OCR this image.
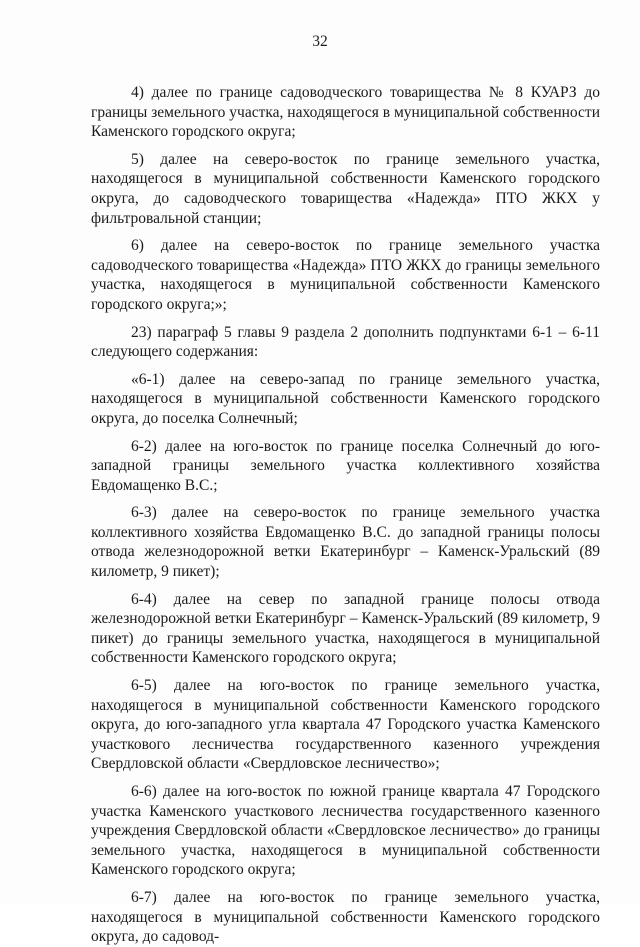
32

4) далее по границе садоводческого товарищества № 8 КУАРЗ до границы земельного участка, находящегося в муниципальной собственности Каменского городского округа;

5) далее на северо-восток по границе земельного участка, находящегося в муниципальной собственности Каменского городского округа, до садоводческого товарищества «Надежда» ПТО ЖКХ у фильтровальной станции;

6) далее на северо-восток по границе земельного участка садоводческого товарищества «Надежда» ПТО ЖКХ до границы земельного участка, находящегося в муниципальной собственности Каменского городского округа;»;

23) параграф 5 главы 9 раздела 2 дополнить подпунктами 6-1 – 6-11 следующего содержания:

«6-1) далее на северо-запад по границе земельного участка, находящегося в муниципальной собственности Каменского городского округа, до поселка Солнечный;

6-2) далее на юго-восток по границе поселка Солнечный до юго-западной границы земельного участка коллективного хозяйства Евдомащенко В.С.;

6-3) далее на северо-восток по границе земельного участка коллективного хозяйства Евдомащенко В.С. до западной границы полосы отвода железнодорожной ветки Екатеринбург – Каменск-Уральский (89 километр, 9 пикет);

6-4) далее на север по западной границе полосы отвода железнодорожной ветки Екатеринбург – Каменск-Уральский (89 километр, 9 пикет) до границы земельного участка, находящегося в муниципальной собственности Каменского городского округа;

6-5) далее на юго-восток по границе земельного участка, находящегося в муниципальной собственности Каменского городского округа, до юго-западного угла квартала 47 Городского участка Каменского участкового лесничества государственного казенного учреждения Свердловской области «Свердловское лесничество»;

6-6) далее на юго-восток по южной границе квартала 47 Городского участка Каменского участкового лесничества государственного казенного учреждения Свердловской области «Свердловское лесничество» до границы земельного участка, находящегося в муниципальной собственности Каменского городского округа;

6-7) далее на юго-восток по границе земельного участка, находящегося в муниципальной собственности Каменского городского округа, до садовод-
